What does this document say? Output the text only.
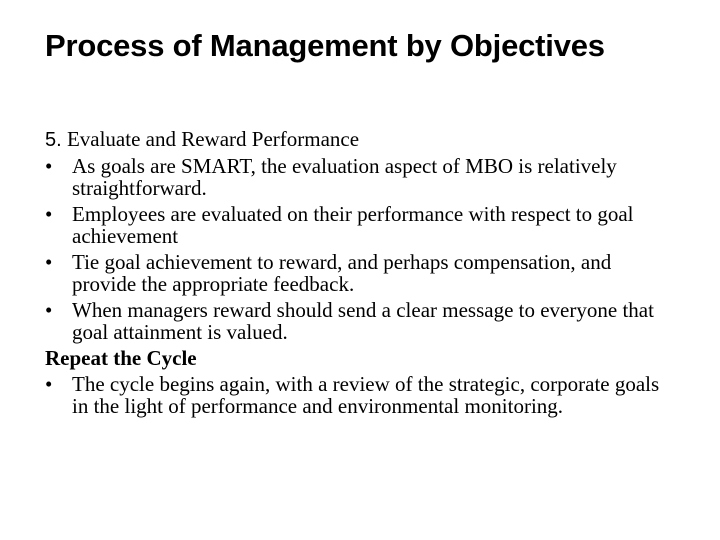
Process of Management by Objectives
5. Evaluate and Reward Performance
• As goals are SMART, the evaluation aspect of MBO is relatively straightforward.
• Employees are evaluated on their performance with respect to goal achievement
• Tie goal achievement to reward, and perhaps compensation, and provide the appropriate feedback.
• When managers reward should send a clear message to everyone that goal attainment is valued.
Repeat the Cycle
• The cycle begins again, with a review of the strategic, corporate goals in the light of performance and environmental monitoring.
